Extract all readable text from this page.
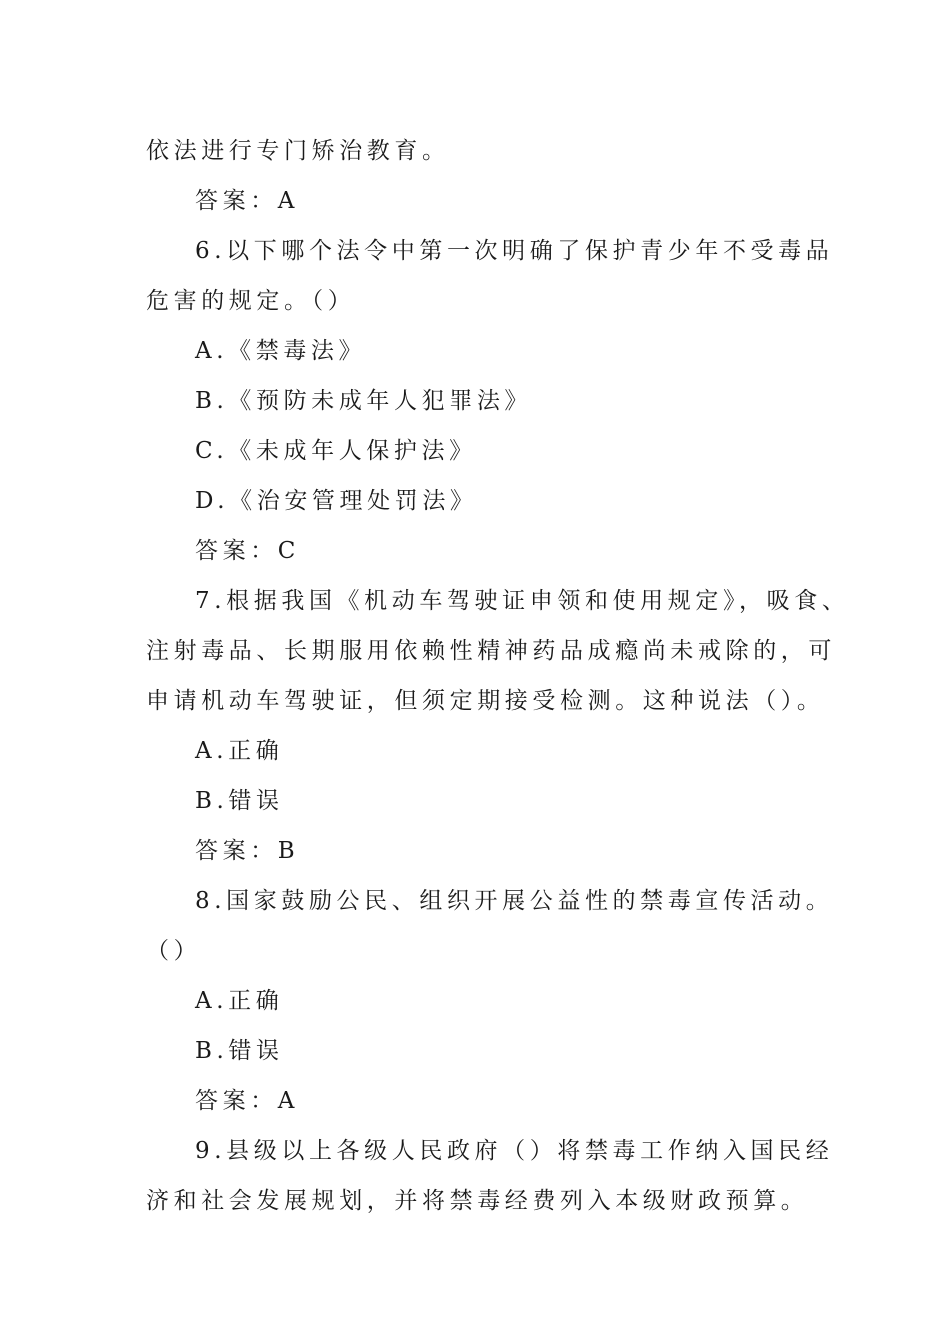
依法进行专门矫治教育。
答案：A
6.以下哪个法令中第一次明确了保护青少年不受毒品
危害的规定。（）
A.《禁毒法》
B.《预防未成年人犯罪法》
C.《未成年人保护法》
D.《治安管理处罚法》
答案：C
7.根据我国《机动车驾驶证申领和使用规定》，吸食、
注射毒品、长期服用依赖性精神药品成瘾尚未戒除的，可
申请机动车驾驶证，但须定期接受检测。这种说法（）。
A.正确
B.错误
答案：B
8.国家鼓励公民、组织开展公益性的禁毒宣传活动。
（）
A.正确
B.错误
答案：A
9.县级以上各级人民政府（）将禁毒工作纳入国民经
济和社会发展规划，并将禁毒经费列入本级财政预算。
